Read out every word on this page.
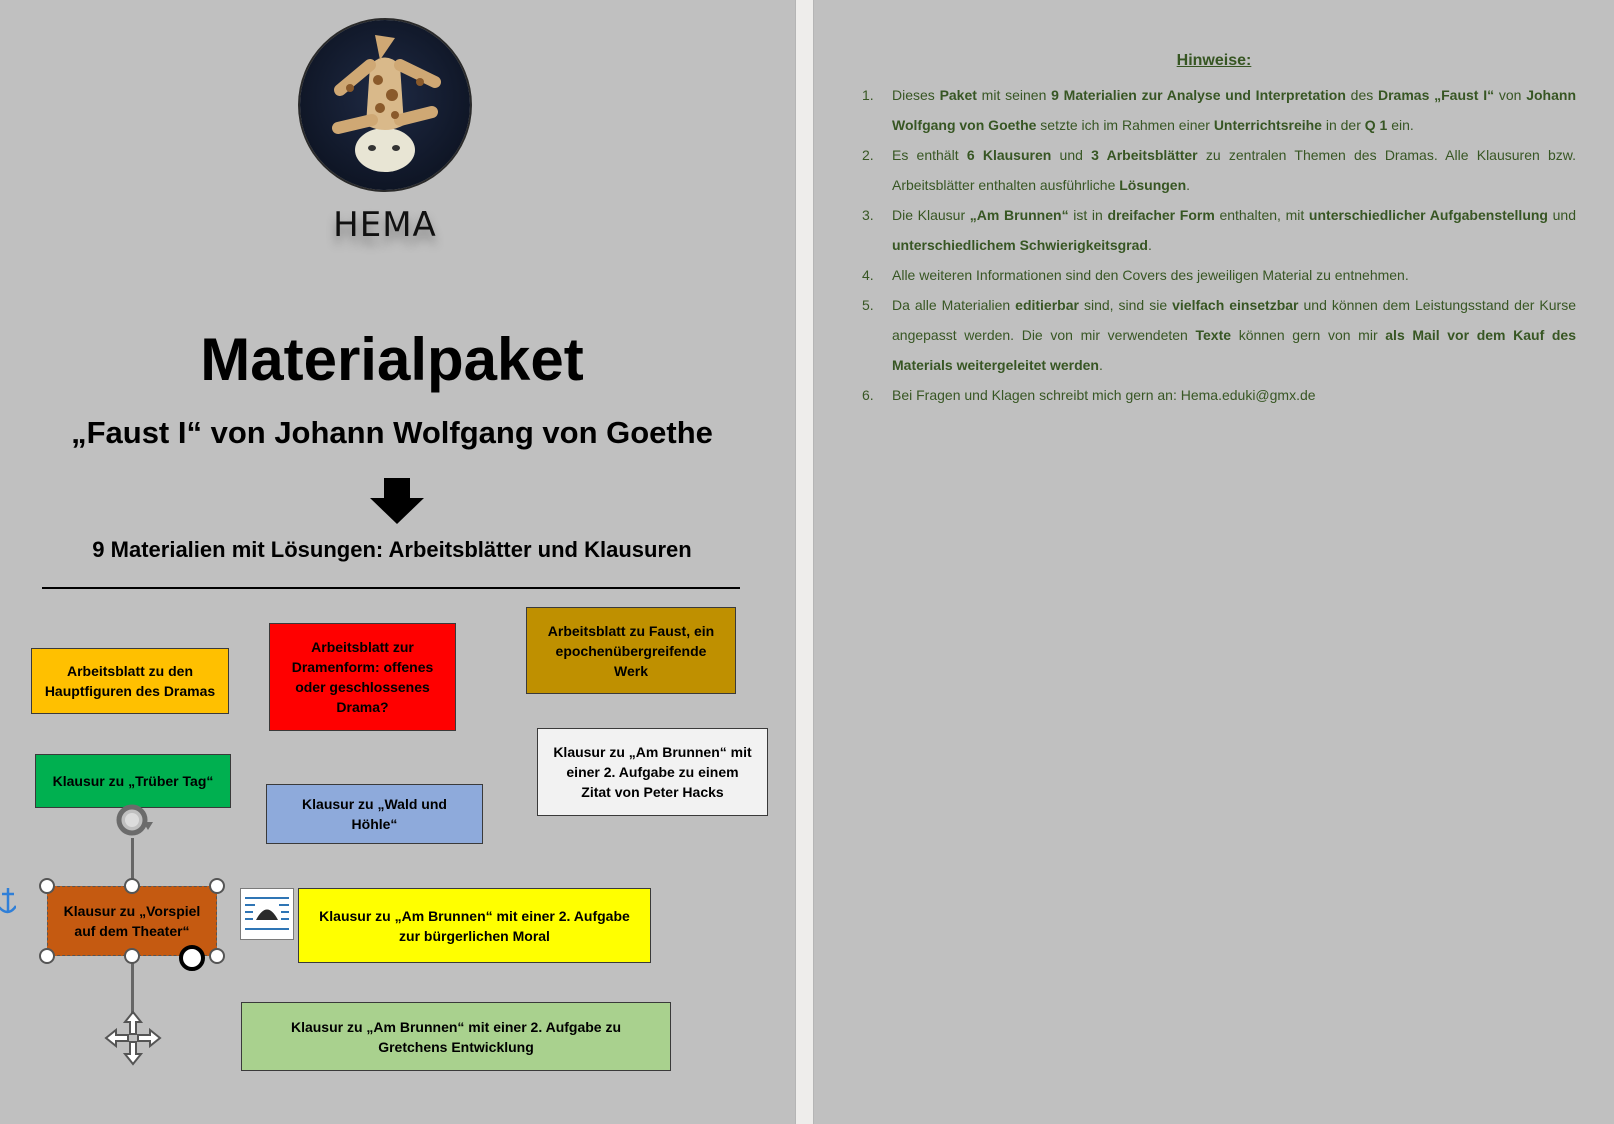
HEMA
Materialpaket
„Faust I“ von Johann Wolfgang von Goethe
9 Materialien mit Lösungen: Arbeitsblätter und Klausuren
Arbeitsblatt zu den Hauptfiguren des Dramas
Arbeitsblatt zur Dramenform: offenes oder geschlossenes Drama?
Arbeitsblatt zu Faust, ein epochenübergreifende Werk
Klausur zu „Trüber Tag“
Klausur zu „Wald und Höhle“
Klausur zu „Am Brunnen“ mit einer 2. Aufgabe zu einem Zitat von Peter Hacks
Klausur zu „Vorspiel auf dem Theater“
Klausur zu „Am Brunnen“ mit einer 2. Aufgabe zur bürgerlichen Moral
Klausur zu „Am Brunnen“ mit einer 2. Aufgabe zu Gretchens Entwicklung
Hinweise:
1. Dieses Paket mit seinen 9 Materialien zur Analyse und Interpretation des Dramas „Faust I“ von Johann Wolfgang von Goethe setzte ich im Rahmen einer Unterrichtsreihe in der Q 1 ein.
2. Es enthält 6 Klausuren und 3 Arbeitsblätter zu zentralen Themen des Dramas. Alle Klausuren bzw. Arbeitsblätter enthalten ausführliche Lösungen.
3. Die Klausur „Am Brunnen“ ist in dreifacher Form enthalten, mit unterschiedlicher Aufgabenstellung und unterschiedlichem Schwierigkeitsgrad.
4. Alle weiteren Informationen sind den Covers des jeweiligen Material zu entnehmen.
5. Da alle Materialien editierbar sind, sind sie vielfach einsetzbar und können dem Leistungsstand der Kurse angepasst werden. Die von mir verwendeten Texte können gern von mir als Mail vor dem Kauf des Materials weitergeleitet werden.
6. Bei Fragen und Klagen schreibt mich gern an: Hema.eduki@gmx.de
